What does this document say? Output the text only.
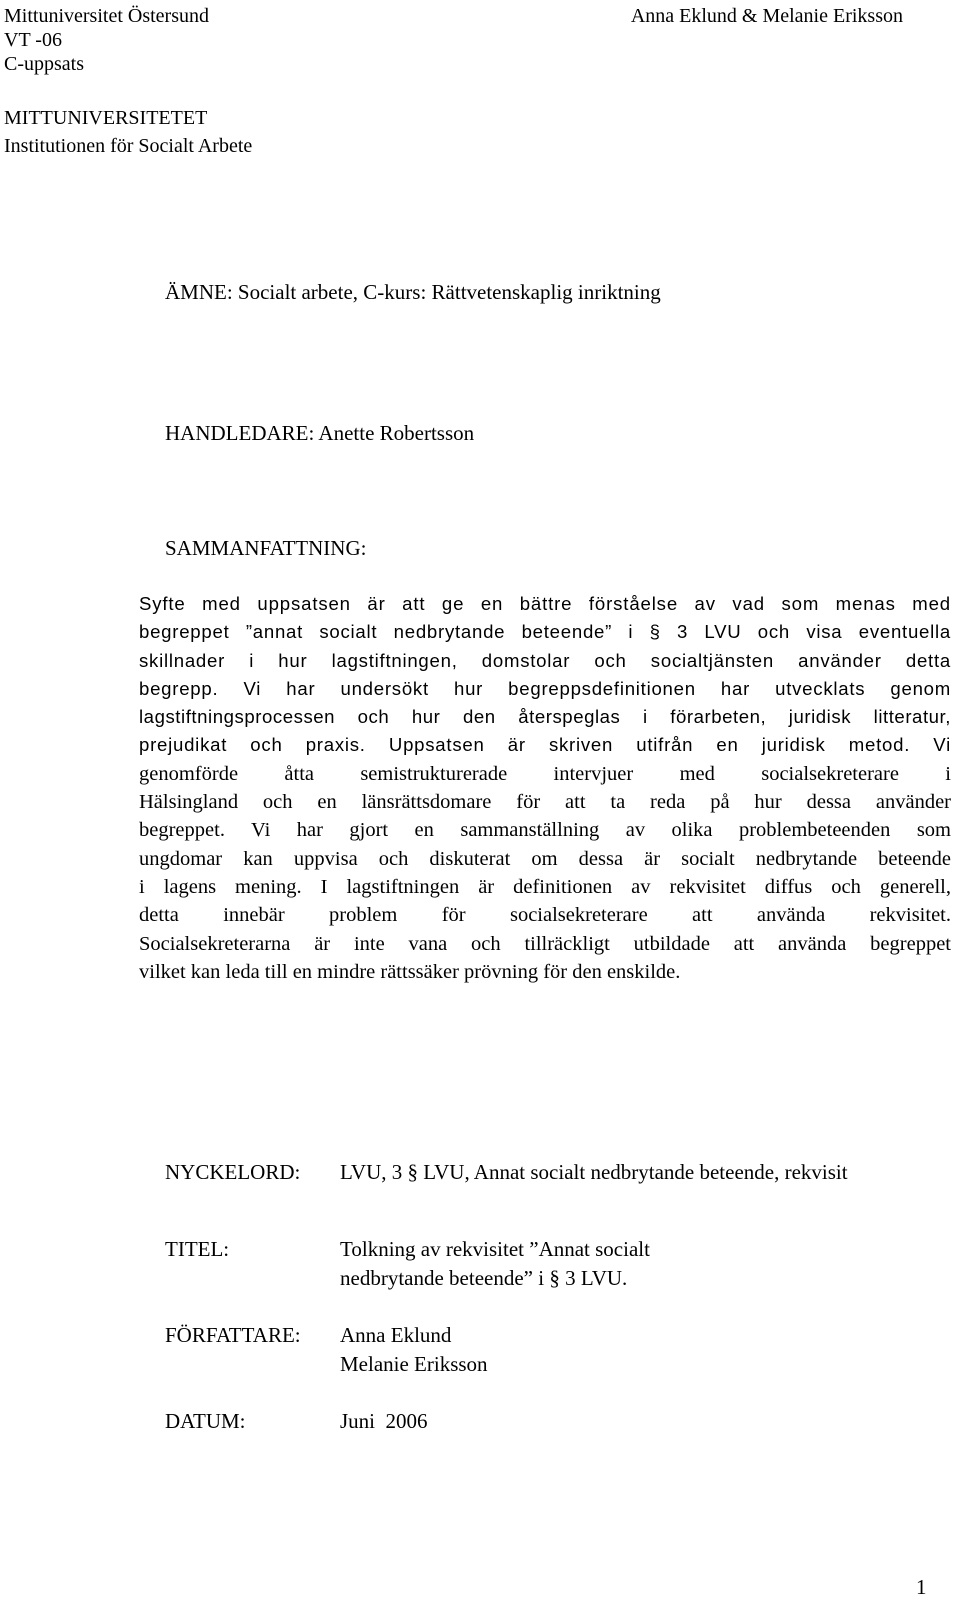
Mittuniversitet Östersund
VT -06
C-uppsats
Anna Eklund & Melanie Eriksson
MITTUNIVERSITETET
Institutionen för Socialt Arbete
ÄMNE: Socialt arbete, C-kurs: Rättvetenskaplig inriktning
HANDLEDARE: Anette Robertsson
SAMMANFATTNING:

Syfte med uppsatsen är att ge en bättre förståelse av vad som menas med

begreppet ”annat socialt nedbrytande beteende” i § 3 LVU och visa eventuella

skillnader i hur lagstiftningen, domstolar och socialtjänsten använder detta

begrepp. Vi har undersökt hur begreppsdefinitionen har utvecklats genom

lagstiftningsprocessen och hur den återspeglas i förarbeten, juridisk litteratur,

prejudikat och praxis. Uppsatsen är skriven utifrån en juridisk metod. Vi

genomförde åtta semistrukturerade intervjuer med socialsekreterare i

Hälsingland och en länsrättsdomare för att ta reda på hur dessa använder

begreppet. Vi har gjort en sammanställning av olika problembeteenden som

ungdomar kan uppvisa och diskuterat om dessa är socialt nedbrytande beteende

i lagens mening. I lagstiftningen är definitionen av rekvisitet diffus och generell,

detta innebär problem för socialsekreterare att använda rekvisitet.

Socialsekreterarna är inte vana och tillräckligt utbildade att använda begreppet

vilket kan leda till en mindre rättssäker prövning för den enskilde.

NYCKELORD: LVU, 3 § LVU, Annat socialt nedbrytande beteende, rekvisit
TITEL:	Tolkning av rekvisitet ”Annat socialt
nedbrytande beteende” i § 3 LVU.
FÖRFATTARE: Anna Eklund
Melanie Eriksson
DATUM:	Juni  2006
1
